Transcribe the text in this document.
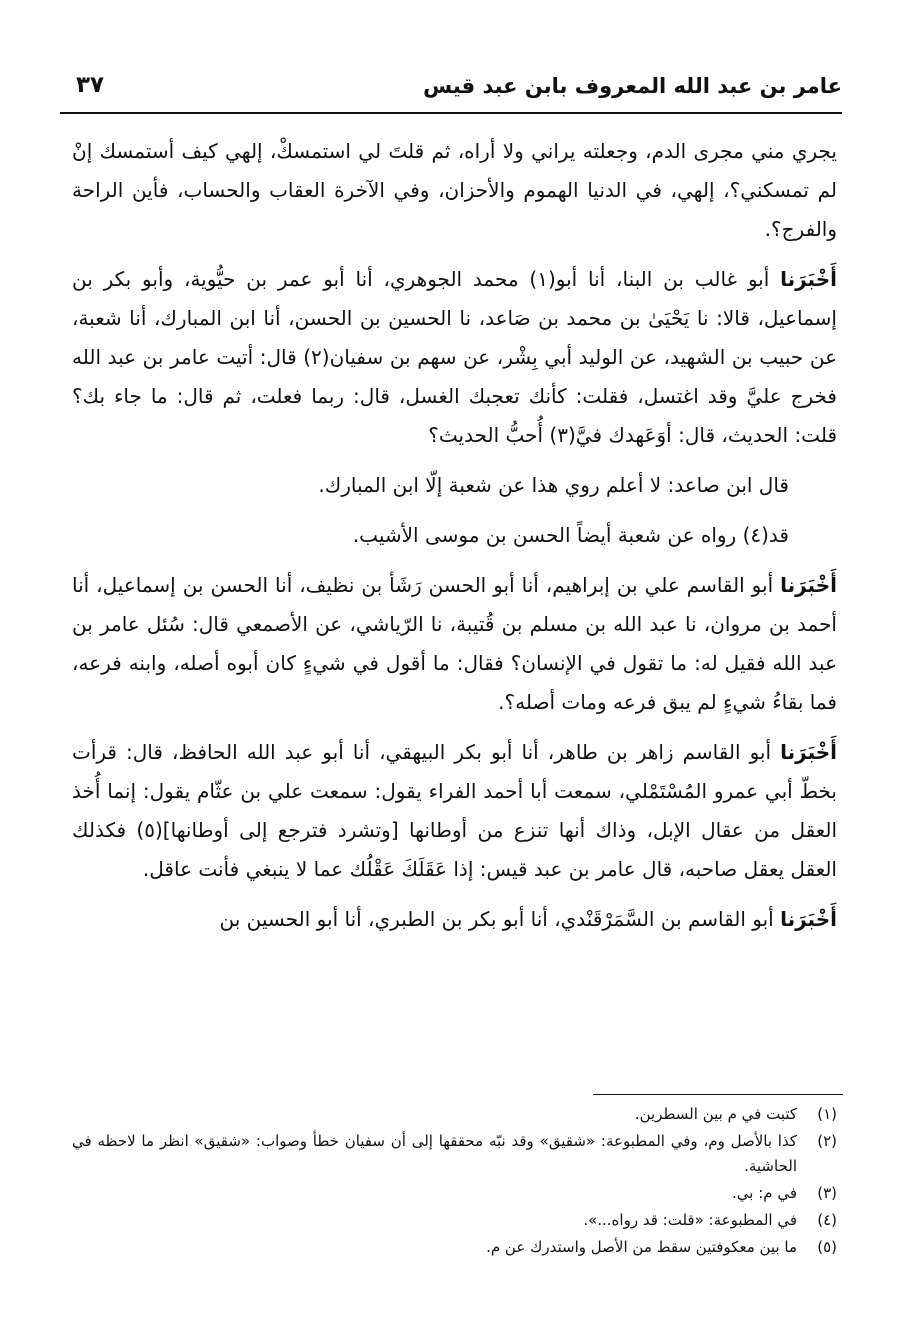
عامر بن عبد الله المعروف بابن عبد قيس
٣٧

يجري مني مجرى الدم، وجعلته يراني ولا أراه، ثم قلتَ لي استمسكْ، إلهي كيف أستمسك إنْ لم تمسكني؟، إلهي، في الدنيا الهموم والأحزان، وفي الآخرة العقاب والحساب، فأين الراحة والفرج؟.

أَخْبَرَنا أبو غالب بن البنا، أنا أبو(١) محمد الجوهري، أنا أبو عمر بن حيُّوية، وأبو بكر بن إسماعيل، قالا: نا يَحْيَىٰ بن محمد بن صَاعد، نا الحسين بن الحسن، أنا ابن المبارك، أنا شعبة، عن حبيب بن الشهيد، عن الوليد أبي بِشْر، عن سهم بن سفيان(٢) قال: أتيت عامر بن عبد الله فخرج عليَّ وقد اغتسل، فقلت: كأنك تعجبك الغسل، قال: ربما فعلت، ثم قال: ما جاء بك؟ قلت: الحديث، قال: أوَعَهدك فيَّ(٣) أُحبُّ الحديث؟

قال ابن صاعد: لا أعلم روي هذا عن شعبة إلّا ابن المبارك.

قد(٤) رواه عن شعبة أيضاً الحسن بن موسى الأشيب.

أَخْبَرَنا أبو القاسم علي بن إبراهيم، أنا أبو الحسن رَشَأ بن نظيف، أنا الحسن بن إسماعيل، أنا أحمد بن مروان، نا عبد الله بن مسلم بن قُتيبة، نا الرّياشي، عن الأصمعي قال: سُئل عامر بن عبد الله فقيل له: ما تقول في الإنسان؟ فقال: ما أقول في شيءٍ كان أبوه أصله، وابنه فرعه، فما بقاءُ شيءٍ لم يبق فرعه ومات أصله؟.

أَخْبَرَنا أبو القاسم زاهر بن طاهر، أنا أبو بكر البيهقي، أنا أبو عبد الله الحافظ، قال: قرأت بخطّ أبي عمرو المُسْتَمْلي، سمعت أبا أحمد الفراء يقول: سمعت علي بن عثّام يقول: إنما أُخذ العقل من عقال الإبل، وذاك أنها تنزع من أوطانها [وتشرد فترجع إلى أوطانها](٥) فكذلك العقل يعقل صاحبه، قال عامر بن عبد قيس: إذا عَقَلَكَ عَقْلُك عما لا ينبغي فأنت عاقل.

أَخْبَرَنا أبو القاسم بن السَّمَرْقَنْدي، أنا أبو بكر بن الطبري، أنا أبو الحسين بن

(١)
كتبت في م بين السطرين.
(٢)
كذا بالأصل وم، وفي المطبوعة: «شقيق» وقد نبّه محققها إلى أن سفيان خطأ وصواب: «شقيق» انظر ما لاحظه في الحاشية.
(٣)
في م: بي.
(٤)
في المطبوعة: «قلت: قد رواه...».
(٥)
ما بين معكوفتين سقط من الأصل واستدرك عن م.
